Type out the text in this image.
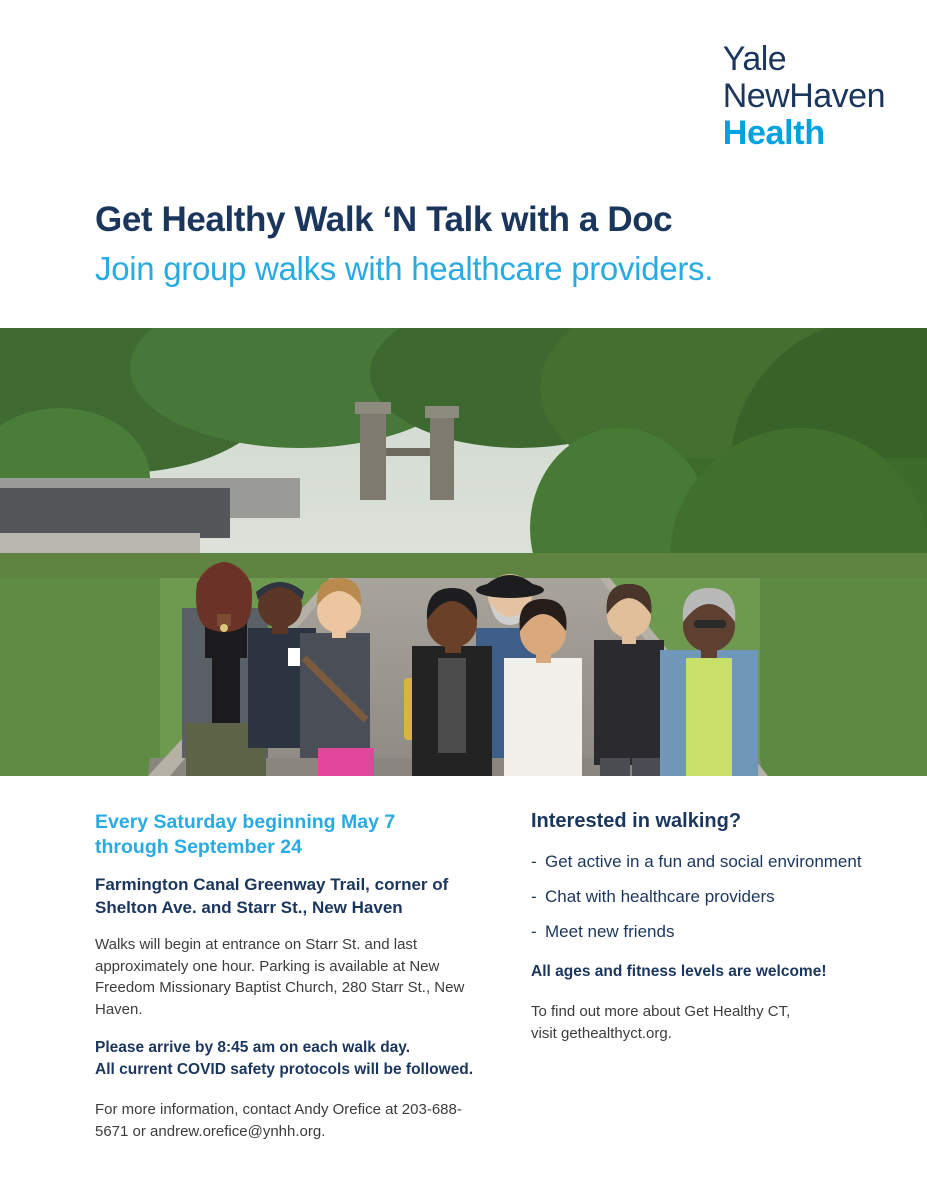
Yale
NewHaven
Health
Get Healthy Walk ‘N Talk with a Doc
Join group walks with healthcare providers.
Every Saturday beginning May 7
through September 24
Farmington Canal Greenway Trail, corner of
Shelton Ave. and Starr St., New Haven

Walks will begin at entrance on Starr St. and last approximately one hour. Parking is available at New Freedom Missionary Baptist Church, 280 Starr St., New Haven.

Please arrive by 8:45 am on each walk day.
All current COVID safety protocols will be followed.

For more information, contact Andy Orefice at 203-688-5671 or andrew.orefice@ynhh.org.

Interested in walking?
- Get active in a fun and social environment
- Chat with healthcare providers
- Meet new friends
All ages and fitness levels are welcome!

To find out more about Get Healthy CT,
visit gethealthyct.org.
